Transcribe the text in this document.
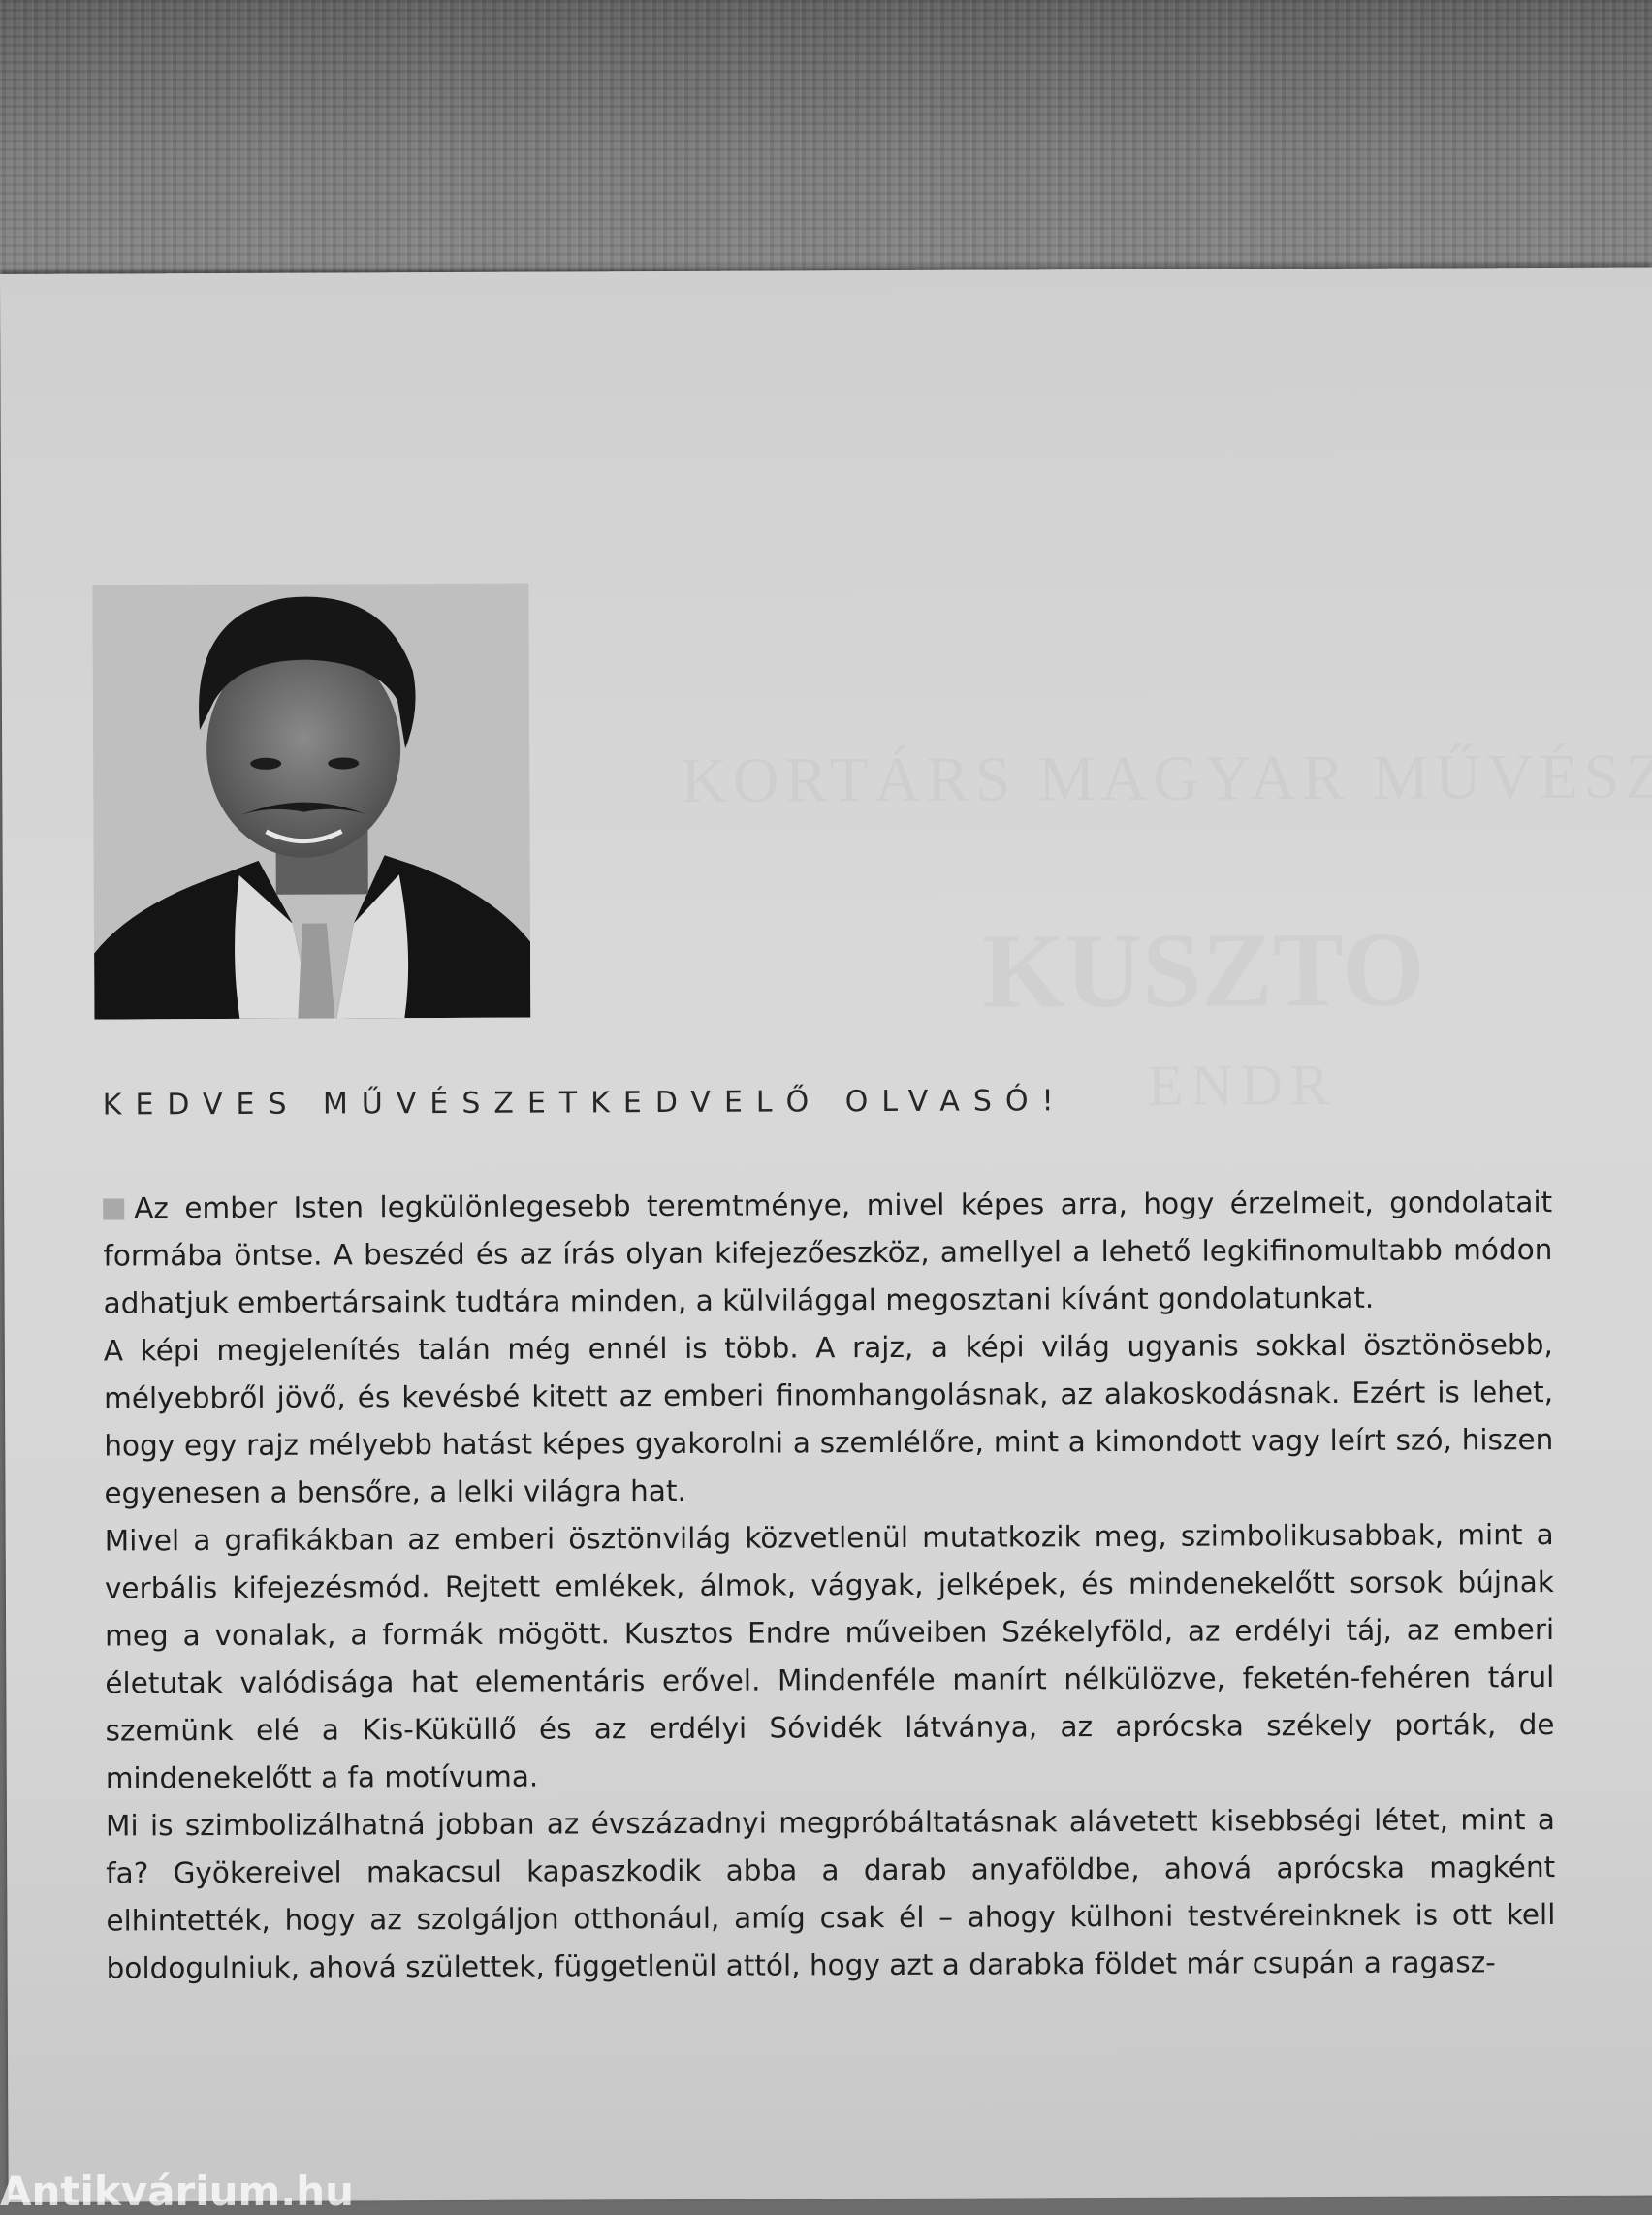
KEDVES MŰVÉSZETKEDVELŐ OLVASÓ!

Az ember Isten legkülönlegesebb teremtménye, mivel képes arra, hogy érzelmeit, gondolatait formába öntse. A beszéd és az írás olyan kifejezőeszköz, amellyel a lehető legkifinomultabb módon adhatjuk embertársaink tudtára minden, a külvilággal megosztani kívánt gondolatunkat.

A képi megjelenítés talán még ennél is több. A rajz, a képi világ ugyanis sokkal ösztönösebb, mélyebbről jövő, és kevésbé kitett az emberi finomhangolásnak, az alakoskodásnak. Ezért is lehet, hogy egy rajz mélyebb hatást képes gyakorolni a szemlélőre, mint a kimondott vagy leírt szó, hiszen egyenesen a bensőre, a lelki világra hat.

Mivel a grafikákban az emberi ösztönvilág közvetlenül mutatkozik meg, szimbolikusabbak, mint a verbális kifejezésmód. Rejtett emlékek, álmok, vágyak, jelképek, és mindenekelőtt sorsok bújnak meg a vonalak, a formák mögött. Kusztos Endre műveiben Székelyföld, az erdélyi táj, az emberi életutak valódisága hat elementáris erővel. Mindenféle manírt nélkülözve, feketén-fehéren tárul szemünk elé a Kis-Küküllő és az erdélyi Sóvidék látványa, az aprócska székely porták, de mindenekelőtt a fa motívuma.

Mi is szimbolizálhatná jobban az évszázadnyi megpróbáltatásnak alávetett kisebbségi létet, mint a fa? Gyökereivel makacsul kapaszkodik abba a darab anyaföldbe, ahová aprócska magként elhintették, hogy az szolgáljon otthonául, amíg csak él – ahogy külhoni testvéreinknek is ott kell boldogulniuk, ahová születtek, függetlenül attól, hogy azt a darabka földet már csupán a ragasz-

Antikvárium.hu
